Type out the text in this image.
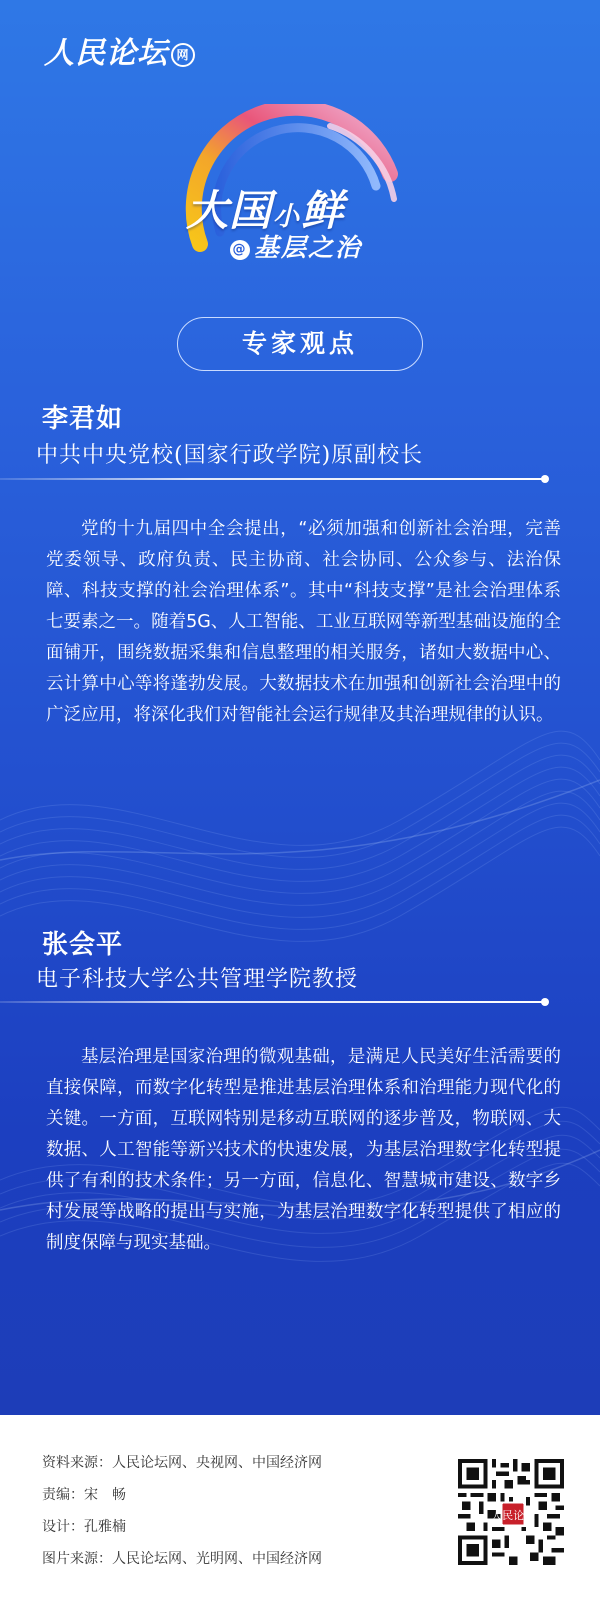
人民论坛 网
大国小鲜
@ 基层之治
专家观点
李君如
中共中央党校(国家行政学院)原副校长
党的十九届四中全会提出，“必须加强和创新社会治理，完善党委领导、政府负责、民主协商、社会协同、公众参与、法治保障、科技支撑的社会治理体系”。其中“科技支撑”是社会治理体系七要素之一。随着5G、人工智能、工业互联网等新型基础设施的全面铺开，围绕数据采集和信息整理的相关服务，诸如大数据中心、云计算中心等将蓬勃发展。大数据技术在加强和创新社会治理中的广泛应用，将深化我们对智能社会运行规律及其治理规律的认识。
张会平
电子科技大学公共管理学院教授
基层治理是国家治理的微观基础，是满足人民美好生活需要的直接保障，而数字化转型是推进基层治理体系和治理能力现代化的关键。一方面，互联网特别是移动互联网的逐步普及，物联网、大数据、人工智能等新兴技术的快速发展，为基层治理数字化转型提供了有利的技术条件；另一方面，信息化、智慧城市建设、数字乡村发展等战略的提出与实施，为基层治理数字化转型提供了相应的制度保障与现实基础。
资料来源：人民论坛网、央视网、中国经济网
责编：宋　畅
设计：孔雅楠
图片来源：人民论坛网、光明网、中国经济网
人民论坛
